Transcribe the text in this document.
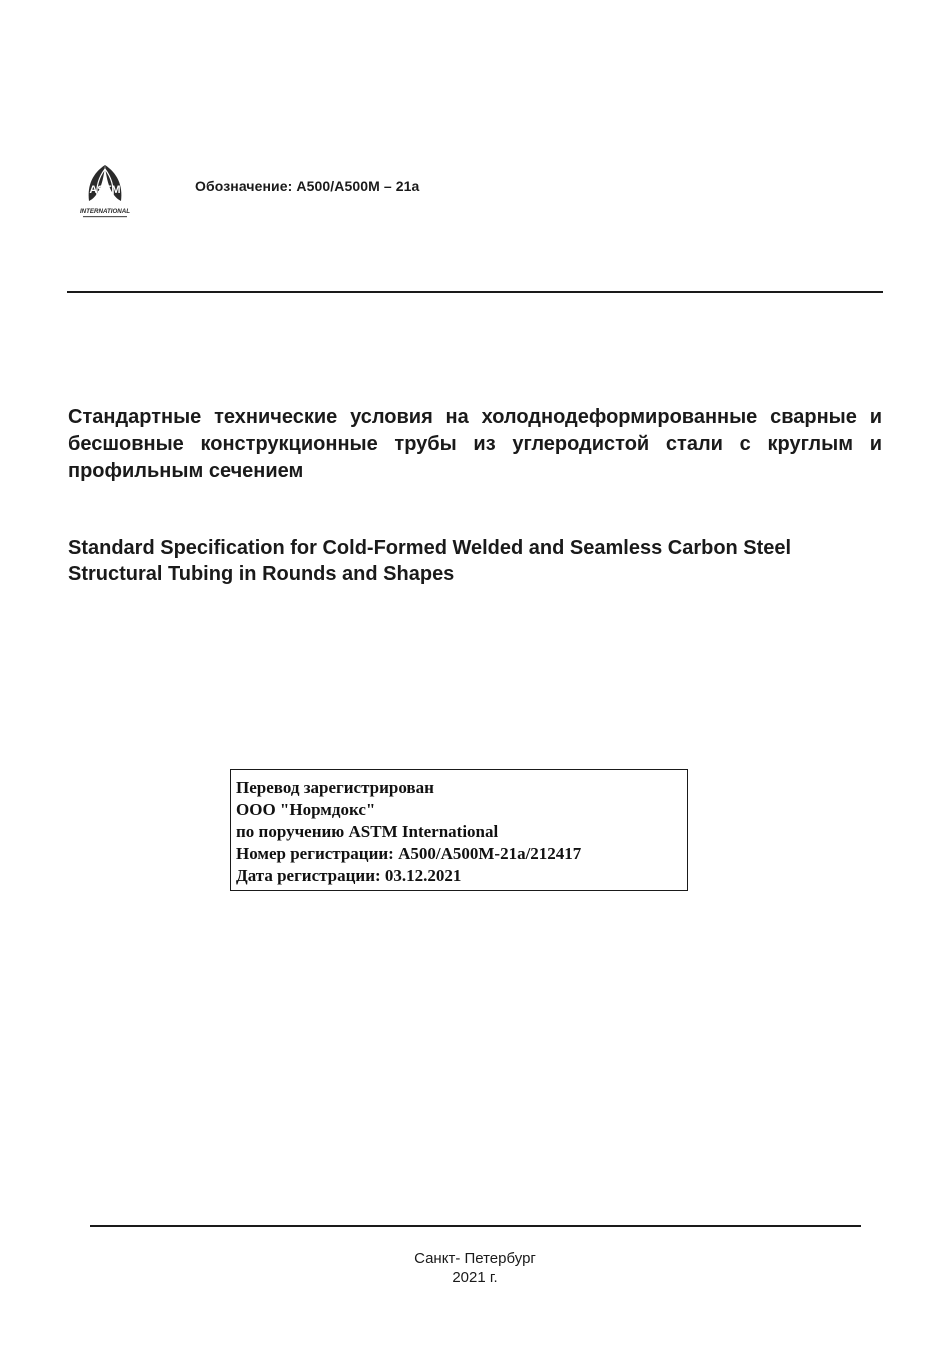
ASTM
INTERNATIONAL
Обозначение: A500/A500M – 21a
Стандартные технические условия на холоднодеформированные сварные и бесшовные конструкционные трубы из углеродистой стали с круглым и профильным сечением
Standard Specification for Cold-Formed Welded and Seamless Carbon Steel Structural Tubing in Rounds and Shapes
Перевод зарегистрирован
ООО "Нормдокс"
по поручению ASTM International
Номер регистрации: A500/A500M-21a/212417
Дата регистрации: 03.12.2021
Санкт- Петербург
2021 г.
